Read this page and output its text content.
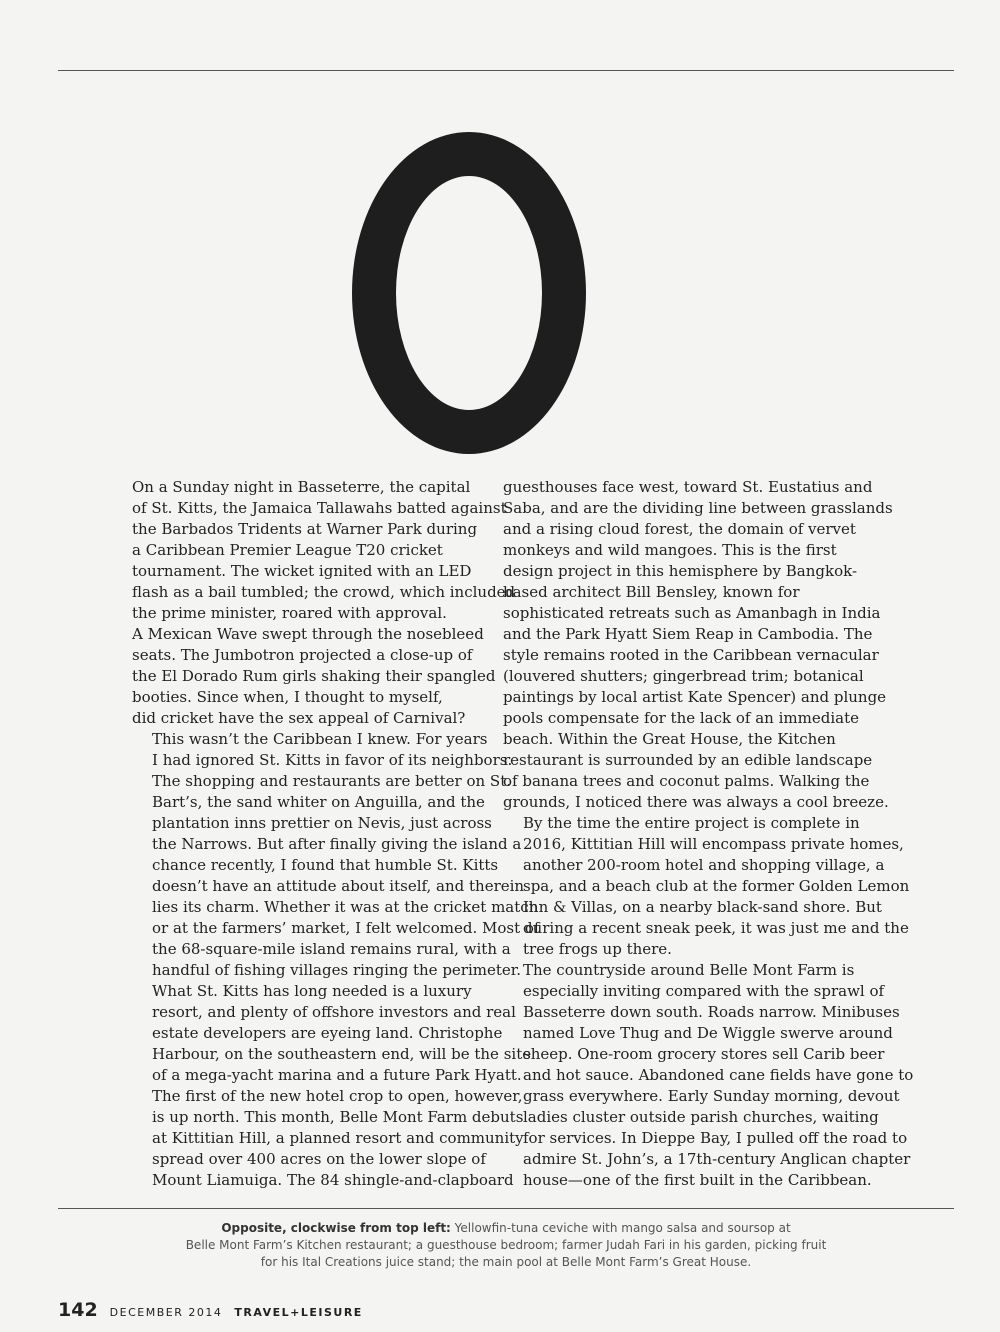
On a Sunday night in Basseterre, the capital
of St. Kitts, the Jamaica Tallawahs batted against
the Barbados Tridents at Warner Park during
a Caribbean Premier League T20 cricket
tournament. The wicket ignited with an LED
flash as a bail tumbled; the crowd, which included
the prime minister, roared with approval.
A Mexican Wave swept through the nosebleed
seats. The Jumbotron projected a close-up of
the El Dorado Rum girls shaking their spangled
booties. Since when, I thought to myself,
did cricket have the sex appeal of Carnival?

This wasn’t the Caribbean I knew. For years
I had ignored St. Kitts in favor of its neighbors.
The shopping and restaurants are better on St.
Bart’s, the sand whiter on Anguilla, and the
plantation inns prettier on Nevis, just across
the Narrows. But after finally giving the island a
chance recently, I found that humble St. Kitts
doesn’t have an attitude about itself, and therein
lies its charm. Whether it was at the cricket match
or at the farmers’ market, I felt welcomed. Most of
the 68-square-mile island remains rural, with a
handful of fishing villages ringing the perimeter.

What St. Kitts has long needed is a luxury
resort, and plenty of offshore investors and real
estate developers are eyeing land. Christophe
Harbour, on the southeastern end, will be the site
of a mega-yacht marina and a future Park Hyatt.
The first of the new hotel crop to open, however,
is up north. This month, Belle Mont Farm debuts
at Kittitian Hill, a planned resort and community
spread over 400 acres on the lower slope of
Mount Liamuiga. The 84 shingle-and-clapboard

guesthouses face west, toward St. Eustatius and
Saba, and are the dividing line between grasslands
and a rising cloud forest, the domain of vervet
monkeys and wild mangoes. This is the first
design project in this hemisphere by Bangkok-
based architect Bill Bensley, known for
sophisticated retreats such as Amanbagh in India
and the Park Hyatt Siem Reap in Cambodia. The
style remains rooted in the Caribbean vernacular
(louvered shutters; gingerbread trim; botanical
paintings by local artist Kate Spencer) and plunge
pools compensate for the lack of an immediate
beach. Within the Great House, the Kitchen
restaurant is surrounded by an edible landscape
of banana trees and coconut palms. Walking the
grounds, I noticed there was always a cool breeze.

By the time the entire project is complete in
2016, Kittitian Hill will encompass private homes,
another 200-room hotel and shopping village, a
spa, and a beach club at the former Golden Lemon
Inn & Villas, on a nearby black-sand shore. But
during a recent sneak peek, it was just me and the
tree frogs up there.

The countryside around Belle Mont Farm is
especially inviting compared with the sprawl of
Basseterre down south. Roads narrow. Minibuses
named Love Thug and De Wiggle swerve around
sheep. One-room grocery stores sell Carib beer
and hot sauce. Abandoned cane fields have gone to
grass everywhere. Early Sunday morning, devout
ladies cluster outside parish churches, waiting
for services. In Dieppe Bay, I pulled off the road to
admire St. John’s, a 17th-century Anglican chapter
house—one of the first built in the Caribbean.

Opposite, clockwise from top left: Yellowfin-tuna ceviche with mango salsa and soursop at
Belle Mont Farm’s Kitchen restaurant; a guesthouse bedroom; farmer Judah Fari in his garden, picking fruit
for his Ital Creations juice stand; the main pool at Belle Mont Farm’s Great House.
142 DECEMBER 2014 TRAVEL+LEISURE
